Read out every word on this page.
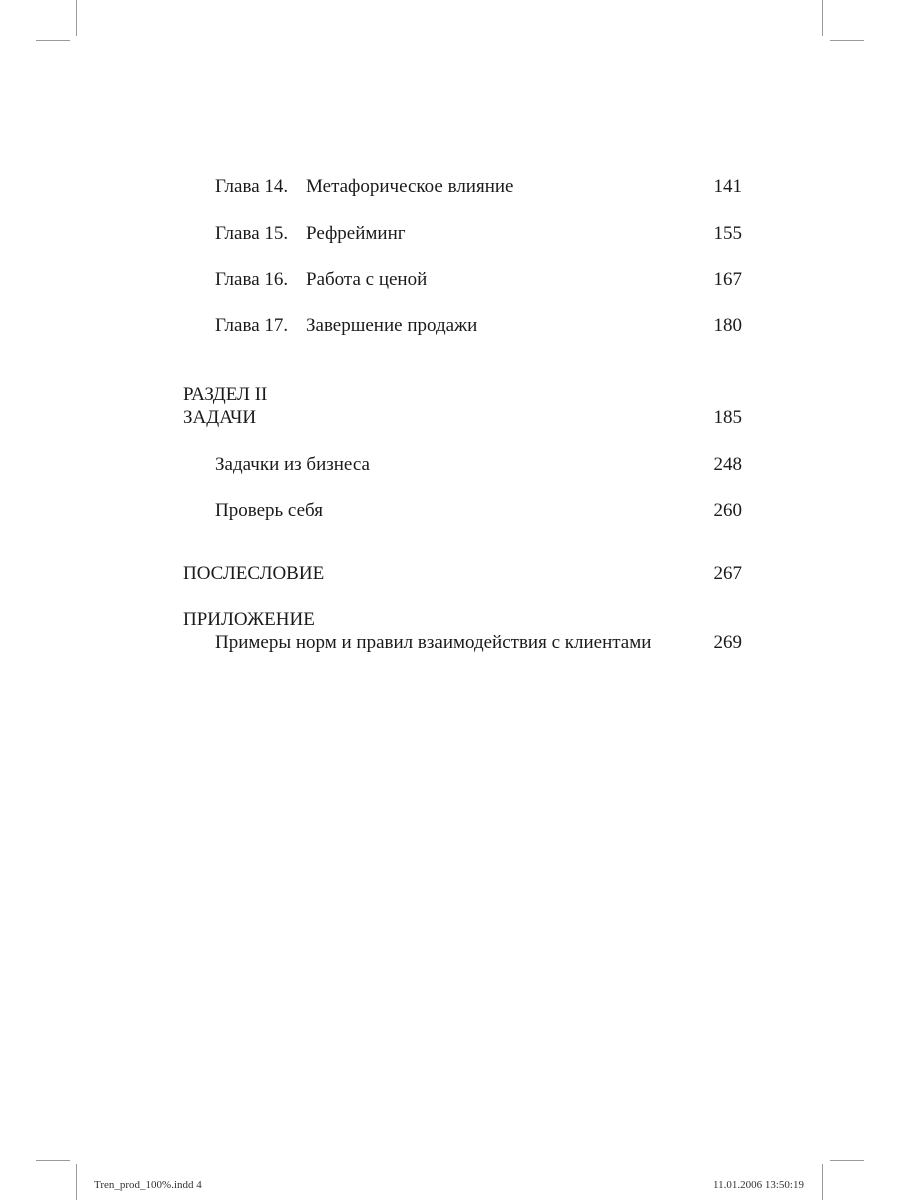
Глава 14. Метафорическое влияние	141
Глава 15. Рефрейминг	155
Глава 16. Работа с ценой	167
Глава 17. Завершение продажи	180
РАЗДЕЛ II
ЗАДАЧИ	185
Задачки из бизнеса	248
Проверь себя	260
ПОСЛЕСЛОВИЕ	267
ПРИЛОЖЕНИЕ
Примеры норм и правил взаимодействия с клиентами	269
Tren_prod_100%.indd 4	11.01.2006 13:50:19
